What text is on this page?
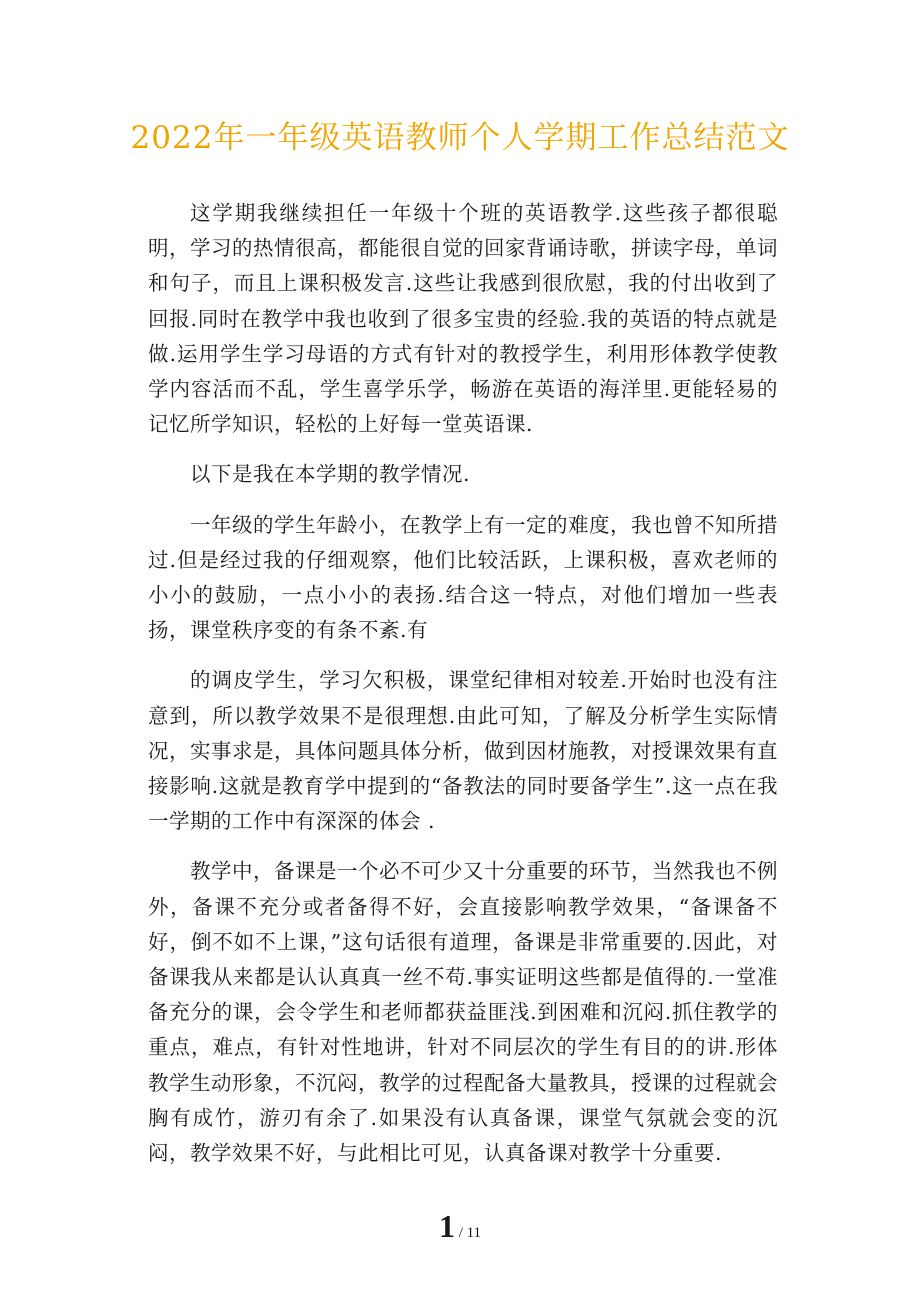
2022年一年级英语教师个人学期工作总结范文

这学期我继续担任一年级十个班的英语教学.这些孩子都很聪明，学习的热情很高，都能很自觉的回家背诵诗歌，拼读字母，单词和句子，而且上课积极发言.这些让我感到很欣慰，我的付出收到了回报.同时在教学中我也收到了很多宝贵的经验.我的英语的特点就是做.运用学生学习母语的方式有针对的教授学生，利用形体教学使教学内容活而不乱，学生喜学乐学，畅游在英语的海洋里.更能轻易的记忆所学知识，轻松的上好每一堂英语课.

以下是我在本学期的教学情况.

一年级的学生年龄小，在教学上有一定的难度，我也曾不知所措过.但是经过我的仔细观察，他们比较活跃，上课积极，喜欢老师的小小的鼓励，一点小小的表扬.结合这一特点，对他们增加一些表扬，课堂秩序变的有条不紊.有

的调皮学生，学习欠积极，课堂纪律相对较差.开始时也没有注意到，所以教学效果不是很理想.由此可知，了解及分析学生实际情况，实事求是，具体问题具体分析，做到因材施教，对授课效果有直接影响.这就是教育学中提到的“备教法的同时要备学生”.这一点在我一学期的工作中有深深的体会 .

教学中，备课是一个必不可少又十分重要的环节，当然我也不例外，备课不充分或者备得不好，会直接影响教学效果，“备课备不好，倒不如不上课，”这句话很有道理，备课是非常重要的.因此，对备课我从来都是认认真真一丝不苟.事实证明这些都是值得的.一堂准备充分的课，会令学生和老师都获益匪浅.到困难和沉闷.抓住教学的重点，难点，有针对性地讲，针对不同层次的学生有目的的讲.形体教学生动形象，不沉闷，教学的过程配备大量教具，授课的过程就会胸有成竹，游刃有余了.如果没有认真备课，课堂气氛就会变的沉闷，教学效果不好，与此相比可见，认真备课对教学十分重要.

1 / 11
